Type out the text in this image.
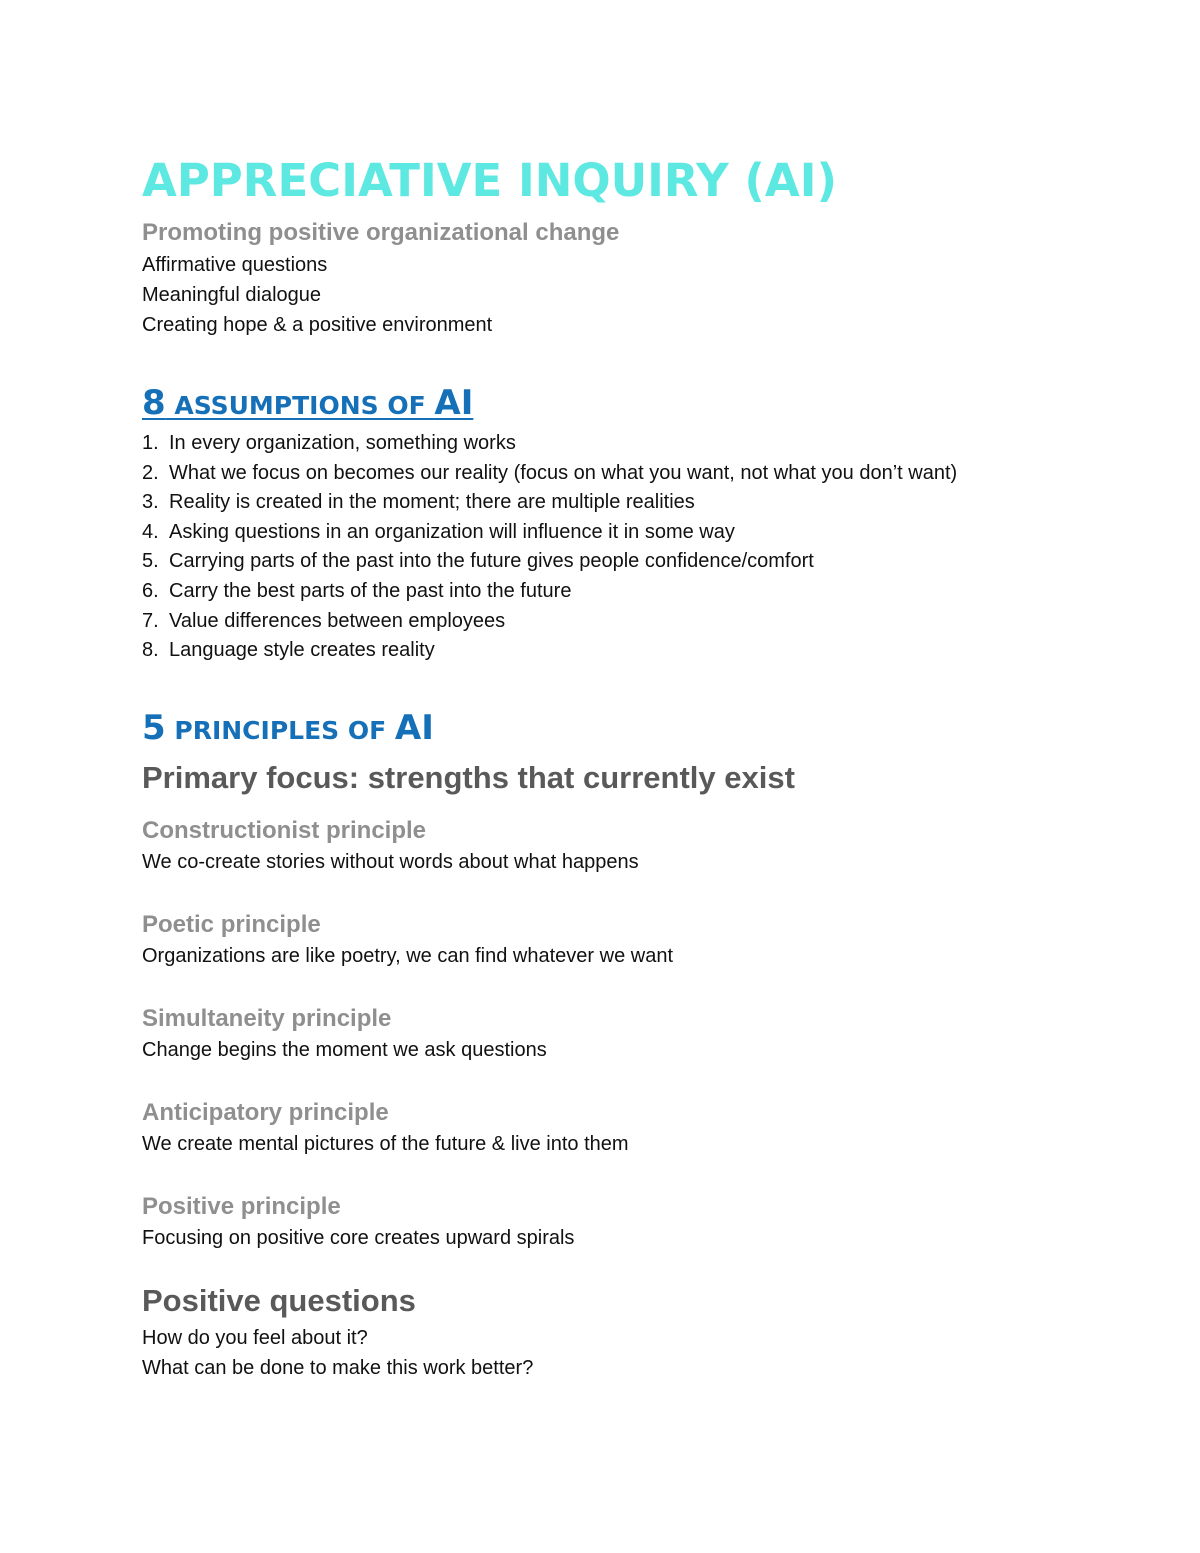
APPRECIATIVE INQUIRY (AI)

Promoting positive organizational change

Affirmative questions

Meaningful dialogue

Creating hope & a positive environment

8 ASSUMPTIONS OF AI
1. In every organization, something works
2. What we focus on becomes our reality (focus on what you want, not what you don’t want)
3. Reality is created in the moment; there are multiple realities
4. Asking questions in an organization will influence it in some way
5. Carrying parts of the past into the future gives people confidence/comfort
6. Carry the best parts of the past into the future
7. Value differences between employees
8. Language style creates reality
5 PRINCIPLES OF AI

Primary focus: strengths that currently exist

Constructionist principle

We co-create stories without words about what happens

Poetic principle

Organizations are like poetry, we can find whatever we want

Simultaneity principle

Change begins the moment we ask questions

Anticipatory principle

We create mental pictures of the future & live into them

Positive principle

Focusing on positive core creates upward spirals

Positive questions

How do you feel about it?

What can be done to make this work better?
